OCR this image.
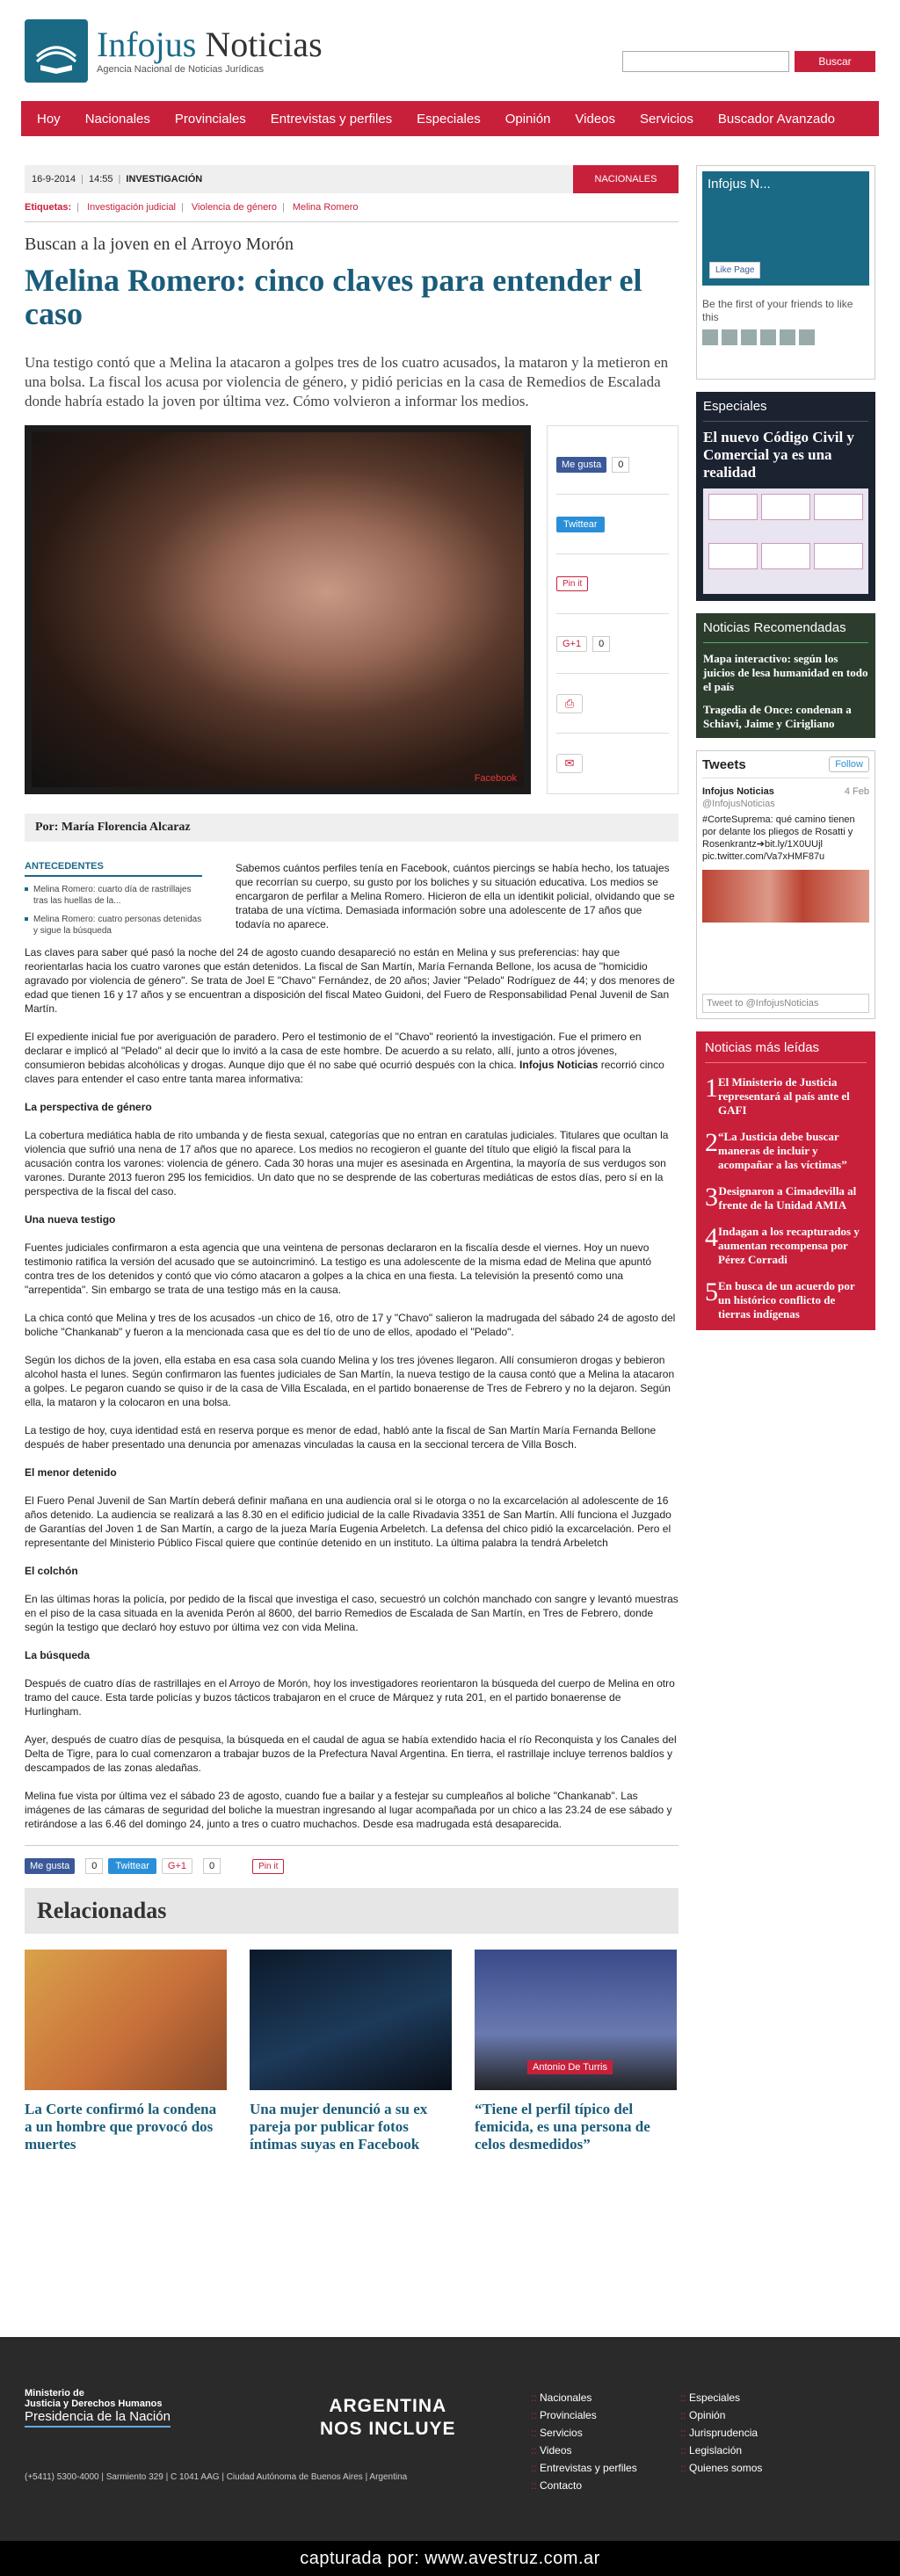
Infojus Noticias
Agencia Nacional de Noticias Jurídicas
Buscar
Hoy	Nacionales	Provinciales	Entrevistas y perfiles	Especiales	Opinión	Videos	Servicios	Buscador Avanzado
16-9-2014 | 14:55 | INVESTIGACIÓN	NACIONALES
Etiquetas: | Investigación judicial | Violencia de género | Melina Romero
Buscan a la joven en el Arroyo Morón
Melina Romero: cinco claves para entender el caso
Una testigo contó que a Melina la atacaron a golpes tres de los cuatro acusados, la mataron y la metieron en una bolsa. La fiscal los acusa por violencia de género, y pidió pericias en la casa de Remedios de Escalada donde habría estado la joven por última vez. Cómo volvieron a informar los medios.
Facebook
Me gusta	0
Twittear
Pin it
G+1	0
⎙
✉
Por: María Florencia Alcaraz
ANTECEDENTES
Melina Romero: cuarto día de rastrillajes tras las huellas de la...
Melina Romero: cuatro personas detenidas y sigue la búsqueda

Sabemos cuántos perfiles tenía en Facebook, cuántos piercings se había hecho, los tatuajes que recorrían su cuerpo, su gusto por los boliches y su situación educativa. Los medios se encargaron de perfilar a Melina Romero. Hicieron de ella un identikit policial, olvidando que se trataba de una víctima. Demasiada información sobre una adolescente de 17 años que todavía no aparece.

Las claves para saber qué pasó la noche del 24 de agosto cuando desapareció no están en Melina y sus preferencias: hay que reorientarlas hacia los cuatro varones que están detenidos. La fiscal de San Martín, María Fernanda Bellone, los acusa de "homicidio agravado por violencia de género". Se trata de Joel E "Chavo" Fernández, de 20 años; Javier "Pelado" Rodríguez de 44; y dos menores de edad que tienen 16 y 17 años y se encuentran a disposición del fiscal Mateo Guidoni, del Fuero de Responsabilidad Penal Juvenil de San Martín.

El expediente inicial fue por averiguación de paradero. Pero el testimonio de el "Chavo" reorientó la investigación. Fue el primero en declarar e implicó al "Pelado" al decir que lo invitó a la casa de este hombre. De acuerdo a su relato, allí, junto a otros jóvenes, consumieron bebidas alcohólicas y drogas. Aunque dijo que él no sabe qué ocurrió después con la chica. Infojus Noticias recorrió cinco claves para entender el caso entre tanta marea informativa:

La perspectiva de género

La cobertura mediática habla de rito umbanda y de fiesta sexual, categorías que no entran en caratulas judiciales. Titulares que ocultan la violencia que sufrió una nena de 17 años que no aparece. Los medios no recogieron el guante del título que eligió la fiscal para la acusación contra los varones: violencia de género. Cada 30 horas una mujer es asesinada en Argentina, la mayoría de sus verdugos son varones. Durante 2013 fueron 295 los femicidios. Un dato que no se desprende de las coberturas mediáticas de estos días, pero sí en la perspectiva de la fiscal del caso.

Una nueva testigo

Fuentes judiciales confirmaron a esta agencia que una veintena de personas declararon en la fiscalía desde el viernes. Hoy un nuevo testimonio ratifica la versión del acusado que se autoincriminó. La testigo es una adolescente de la misma edad de Melina que apuntó contra tres de los detenidos y contó que vio cómo atacaron a golpes a la chica en una fiesta. La televisión la presentó como una "arrepentida". Sin embargo se trata de una testigo más en la causa.

La chica contó que Melina y tres de los acusados -un chico de 16, otro de 17 y "Chavo" salieron la madrugada del sábado 24 de agosto del boliche "Chankanab" y fueron a la mencionada casa que es del tío de uno de ellos, apodado el "Pelado".

Según los dichos de la joven, ella estaba en esa casa sola cuando Melina y los tres jóvenes llegaron. Allí consumieron drogas y bebieron alcohol hasta el lunes. Según confirmaron las fuentes judiciales de San Martín, la nueva testigo de la causa contó que a Melina la atacaron a golpes. Le pegaron cuando se quiso ir de la casa de Villa Escalada, en el partido bonaerense de Tres de Febrero y no la dejaron. Según ella, la mataron y la colocaron en una bolsa.

La testigo de hoy, cuya identidad está en reserva porque es menor de edad, habló ante la fiscal de San Martín María Fernanda Bellone después de haber presentado una denuncia por amenazas vinculadas la causa en la seccional tercera de Villa Bosch.

El menor detenido

El Fuero Penal Juvenil de San Martín deberá definir mañana en una audiencia oral si le otorga o no la excarcelación al adolescente de 16 años detenido. La audiencia se realizará a las 8.30 en el edificio judicial de la calle Rivadavia 3351 de San Martín. Allí funciona el Juzgado de Garantías del Joven 1 de San Martín, a cargo de la jueza María Eugenia Arbeletch. La defensa del chico pidió la excarcelación. Pero el representante del Ministerio Público Fiscal quiere que continúe detenido en un instituto. La última palabra la tendrá Arbeletch

El colchón

En las últimas horas la policía, por pedido de la fiscal que investiga el caso, secuestró un colchón manchado con sangre y levantó muestras en el piso de la casa situada en la avenida Perón al 8600, del barrio Remedios de Escalada de San Martín, en Tres de Febrero, donde según la testigo que declaró hoy estuvo por última vez con vida Melina.

La búsqueda

Después de cuatro días de rastrillajes en el Arroyo de Morón, hoy los investigadores reorientaron la búsqueda del cuerpo de Melina en otro tramo del cauce. Esta tarde policías y buzos tácticos trabajaron en el cruce de Márquez y ruta 201, en el partido bonaerense de Hurlingham.

Ayer, después de cuatro días de pesquisa, la búsqueda en el caudal de agua se había extendido hacia el río Reconquista y los Canales del Delta de Tigre, para lo cual comenzaron a trabajar buzos de la Prefectura Naval Argentina. En tierra, el rastrillaje incluye terrenos baldíos y descampados de las zonas aledañas.

Melina fue vista por última vez el sábado 23 de agosto, cuando fue a bailar y a festejar su cumpleaños al boliche "Chankanab". Las imágenes de las cámaras de seguridad del boliche la muestran ingresando al lugar acompañada por un chico a las 23.24 de ese sábado y retirándose a las 6.46 del domingo 24, junto a tres o cuatro muchachos. Desde esa madrugada está desaparecida.

Me gusta	0	Twittear	G+1	0	Pin it
Relacionadas
La Corte confirmó la condena a un hombre que provocó dos muertes
Una mujer denunció a su ex pareja por publicar fotos íntimas suyas en Facebook
Antonio De Turris
“Tiene el perfil típico del femicida, es una persona de celos desmedidos”
Infojus N...
Like Page
Be the first of your friends to like this
Especiales
El nuevo Código Civil y Comercial ya es una realidad
Noticias Recomendadas

Mapa interactivo: según los juicios de lesa humanidad en todo el país

Tragedia de Once: condenan a Schiavi, Jaime y Cirigliano

Tweets	Follow
Infojus Noticias	4 Feb

@InfojusNoticias
#CorteSuprema: qué camino tienen por delante los pliegos de Rosatti y Rosenkrantz➔bit.ly/1X0UUjl pic.twitter.com/Va7xHMF87u
Tweet to @InfojusNoticias
Noticias más leídas
1 El Ministerio de Justicia representará al país ante el GAFI
2 “La Justicia debe buscar maneras de incluir y acompañar a las víctimas”
3 Designaron a Cimadevilla al frente de la Unidad AMIA
4 Indagan a los recapturados y aumentan recompensa por Pérez Corradi
5 En busca de un acuerdo por un histórico conflicto de tierras indígenas
Ministerio de
Justicia y Derechos Humanos
Presidencia de la Nación
(+5411) 5300-4000 | Sarmiento 329 | C 1041 AAG | Ciudad Autónoma de Buenos Aires | Argentina
ARGENTINA
NOS INCLUYE
:: Nacionales	:: Especiales
:: Provinciales	:: Opinión
:: Servicios	:: Jurisprudencia
:: Videos	:: Legislación
:: Entrevistas y perfiles	:: Quienes somos
:: Contacto
capturada por: www.avestruz.com.ar
